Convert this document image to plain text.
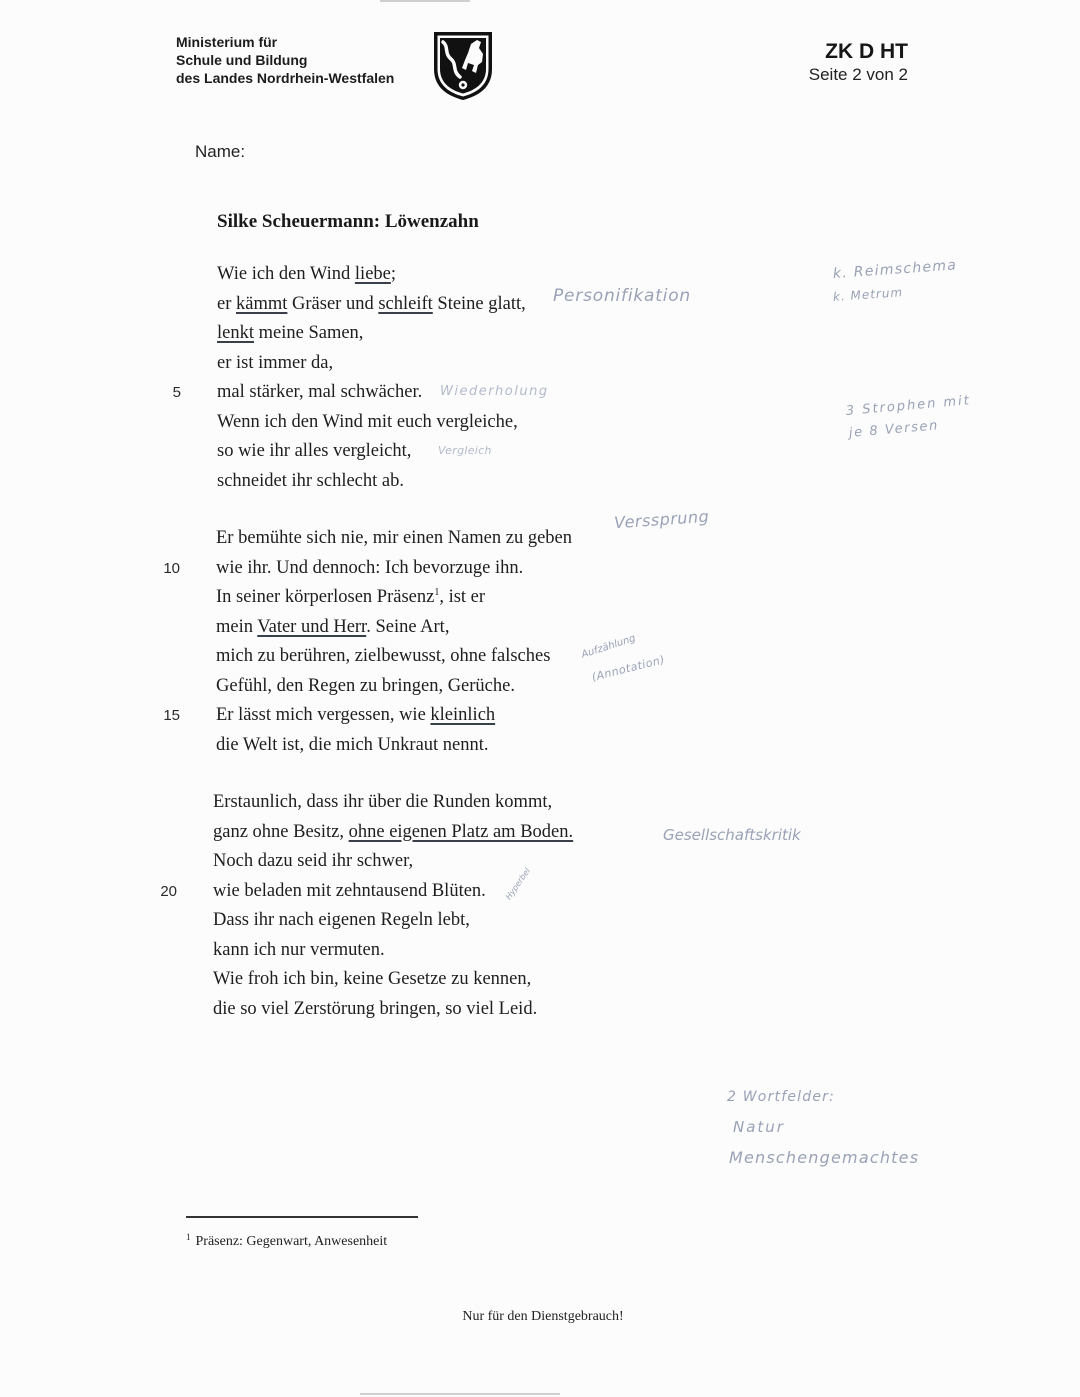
Ministerium für
Schule und Bildung
des Landes Nordrhein-Westfalen
ZK D HT
Seite 2 von 2
Name:
Silke Scheuermann: Löwenzahn
Wie ich den Wind liebe;
er kämmt Gräser und schleift Steine glatt,
lenkt meine Samen,
er ist immer da,
5 mal stärker, mal schwächer.
Wenn ich den Wind mit euch vergleiche,
so wie ihr alles vergleicht,
schneidet ihr schlecht ab.
Er bemühte sich nie, mir einen Namen zu geben
10 wie ihr. Und dennoch: Ich bevorzuge ihn.
In seiner körperlosen Präsenz$^1$, ist er
mein Vater und Herr. Seine Art,
mich zu berühren, zielbewusst, ohne falsches
Gefühl, den Regen zu bringen, Gerüche.
15 Er lässt mich vergessen, wie kleinlich
die Welt ist, die mich Unkraut nennt.
Erstaunlich, dass ihr über die Runden kommt,
ganz ohne Besitz, ohne eigenen Platz am Boden.
Noch dazu seid ihr schwer,
20 wie beladen mit zehntausend Blüten.
Dass ihr nach eigenen Regeln lebt,
kann ich nur vermuten.
Wie froh ich bin, keine Gesetze zu kennen,
die so viel Zerstörung bringen, so viel Leid.
Personifikation
Wiederholung
Vergleich
Verssprung
Aufzählung
(Annotation)
Gesellschaftskritik
Hyperbel
k. Reimschema
k. Metrum
3 Strophen mit
je 8 Versen
2 Wortfelder:
Natur
Menschengemachtes
$^1$ Präsenz: Gegenwart, Anwesenheit
Nur für den Dienstgebrauch!
